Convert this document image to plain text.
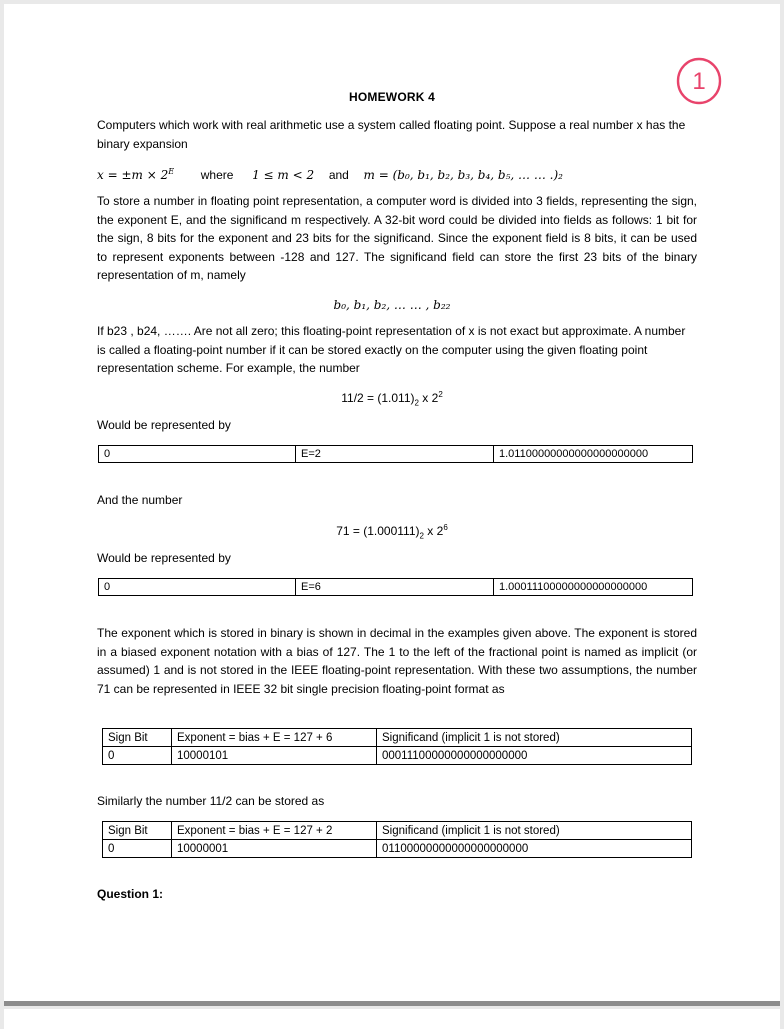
1
HOMEWORK 4
Computers which work with real arithmetic use a system called floating point. Suppose a real number x has the binary expansion
$x = \pm m \times 2^E$ where 1 ≤ m < 2 and m = (b₀, b₁, b₂, b₃, b₄, b₅, … … .)₂
To store a number in floating point representation, a computer word is divided into 3 fields, representing the sign, the exponent E, and the significand m respectively. A 32-bit word could be divided into fields as follows: 1 bit for the sign, 8 bits for the exponent and 23 bits for the significand. Since the exponent field is 8 bits, it can be used to represent exponents between -128 and 127. The significand field can store the first 23 bits of the binary representation of m, namely
b₀, b₁, b₂, … … , b₂₂
If b23 , b24, ……. Are not all zero; this floating-point representation of x is not exact but approximate. A number is called a floating-point number if it can be stored exactly on the computer using the given floating point representation scheme. For example, the number
$11/2 = (1.011)_2$ x $2^2$
Would be represented by
0	E=2	1.01100000000000000000000
And the number
$71 = (1.000111)_2$ x $2^6$
Would be represented by
0	E=6	1.00011100000000000000000
The exponent which is stored in binary is shown in decimal in the examples given above. The exponent is stored in a biased exponent notation with a bias of 127. The 1 to the left of the fractional point is named as implicit (or assumed) 1 and is not stored in the IEEE floating-point representation. With these two assumptions, the number 71 can be represented in IEEE 32 bit single precision floating-point format as
Sign Bit	Exponent = bias + E = 127 + 6	Significand (implicit 1 is not stored)
0	10000101	00011100000000000000000
Similarly the number 11/2 can be stored as
Sign Bit	Exponent = bias + E = 127 + 2	Significand (implicit 1 is not stored)
0	10000001	01100000000000000000000
Question 1:
